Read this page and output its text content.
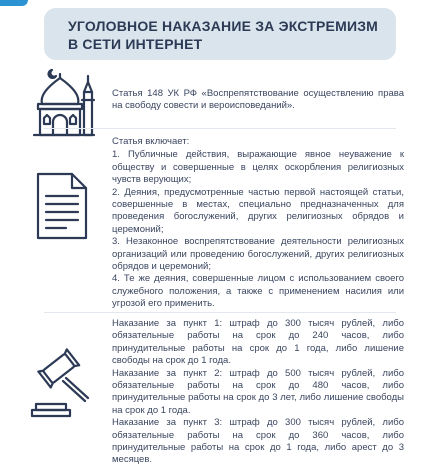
УГОЛОВНОЕ НАКАЗАНИЕ ЗА ЭКСТРЕМИЗМ
В СЕТИ ИНТЕРНЕТ

Статья 148 УК РФ «Воспрепятствование осуществлению права на свободу совести и вероисповеданий».

Статья включает:

1. Публичные действия, выражающие явное неуважение к обществу и совершенные в целях оскорбления религиозных чувств верующих;

2. Деяния, предусмотренные частью первой настоящей статьи, совершенные в местах, специально предназначенных для проведения богослужений, других религиозных обрядов и церемоний;

3. Незаконное воспрепятствование деятельности религиозных организаций или проведению богослужений, других религиозных обрядов и церемоний;

4. Те же деяния, совершенные лицом с использованием своего служебного положения, а также с применением насилия или угрозой его применить.

Наказание за пункт 1: штраф до 300 тысяч рублей, либо обязательные работы на срок до 240 часов, либо принудительные работы на срок до 1 года, либо лишение свободы на срок до 1 года.

Наказание за пункт 2: штраф до 500 тысяч рублей, либо обязательные работы на срок до 480 часов, либо принудительные работы на срок до 3 лет, либо лишение свободы на срок до 1 года.

Наказание за пункт 3: штраф до 300 тысяч рублей, либо обязательные работы на срок до 360 часов, либо принудительные работы на срок до 1 года, либо арест до 3 месяцев.
